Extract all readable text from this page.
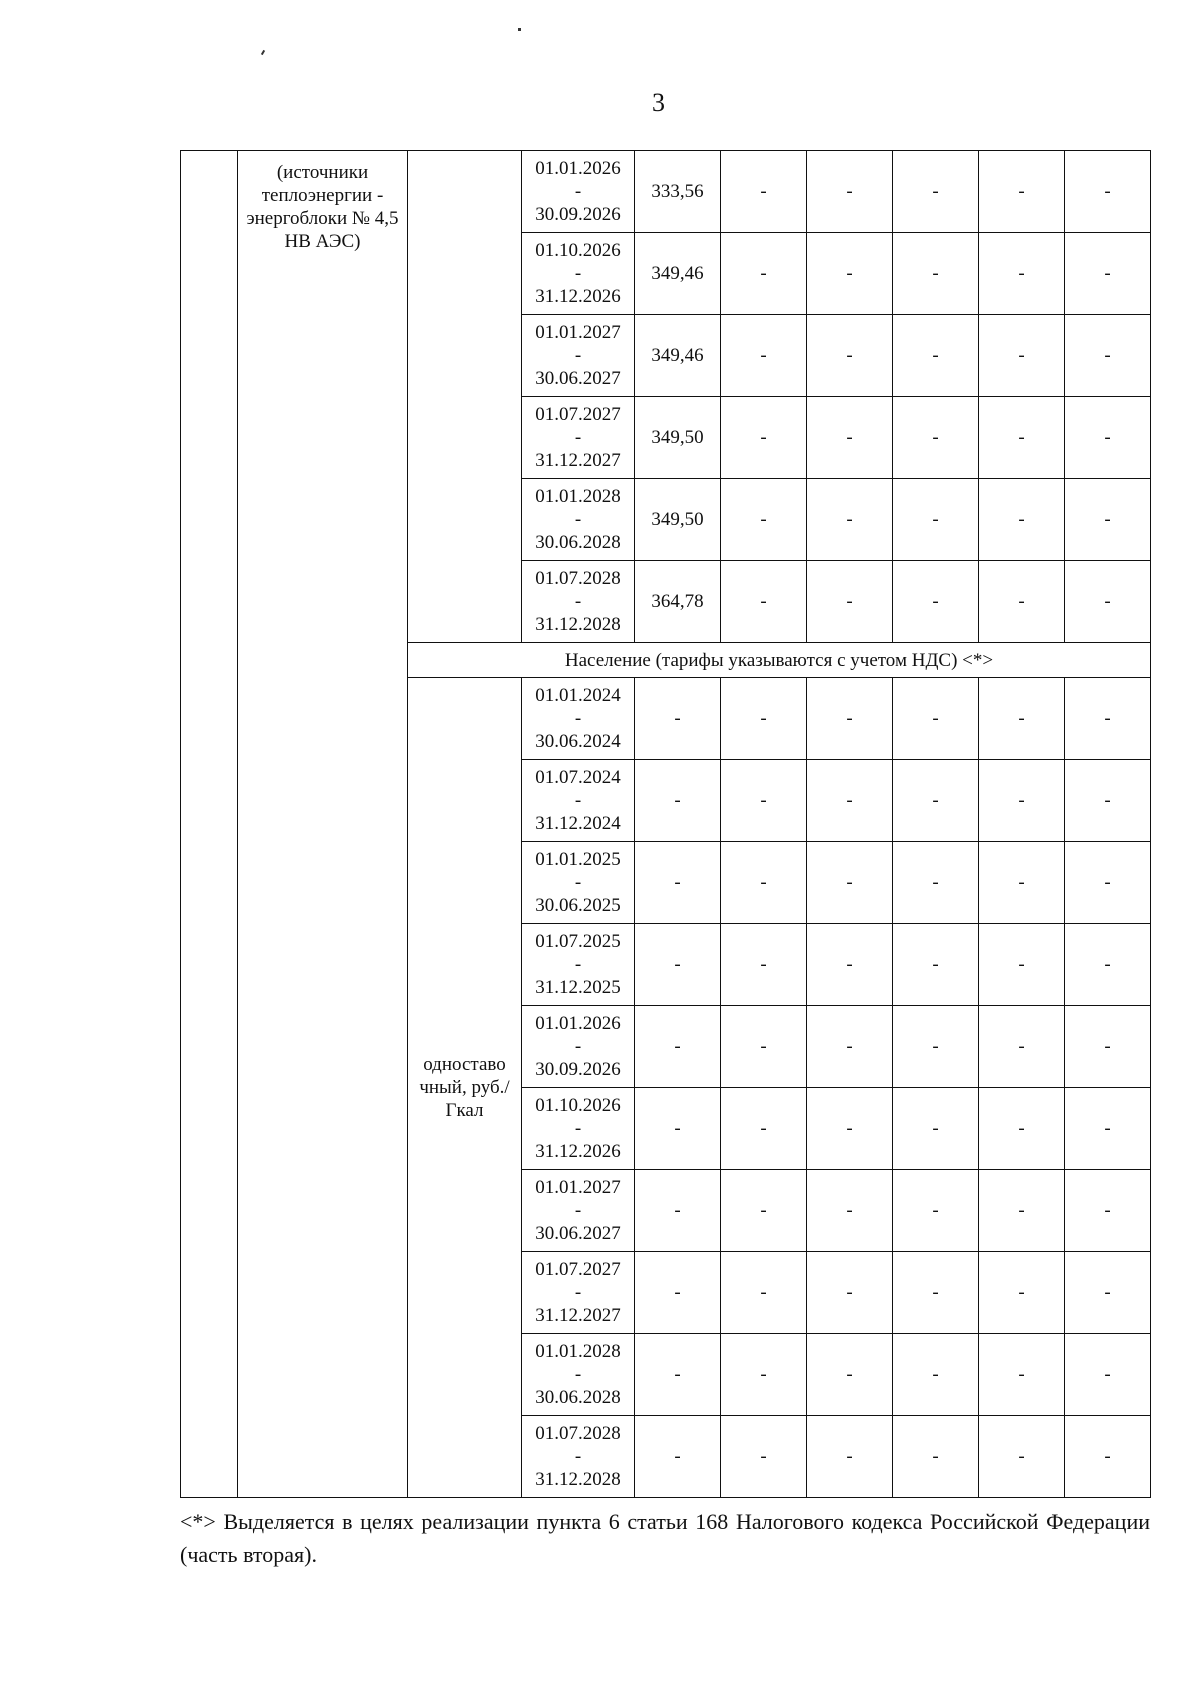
3
	(источники теплоэнергии - энергоблоки № 4,5 НВ АЭС)		01.01.2026
-
30.09.2026	333,56	-	-	-	-	-

			01.10.2026
-
31.12.2026	349,46	-	-	-	-	-

			01.01.2027
-
30.06.2027	349,46	-	-	-	-	-

			01.07.2027
-
31.12.2027	349,50	-	-	-	-	-

			01.01.2028
-
30.06.2028	349,50	-	-	-	-	-

			01.07.2028
-
31.12.2028	364,78	-	-	-	-	-
		Население (тарифы указываются с учетом НДС) <*>							
		одноставо чный, руб./Гкал	01.01.2024
-
30.06.2024	-	-	-	-	-	-

			01.07.2024
-
31.12.2024	-	-	-	-	-	-

			01.01.2025
-
30.06.2025	-	-	-	-	-	-

			01.07.2025
-
31.12.2025	-	-	-	-	-	-

			01.01.2026
-
30.09.2026	-	-	-	-	-	-

			01.10.2026
-
31.12.2026	-	-	-	-	-	-

			01.01.2027
-
30.06.2027	-	-	-	-	-	-

			01.07.2027
-
31.12.2027	-	-	-	-	-	-

			01.01.2028
-
30.06.2028	-	-	-	-	-	-

			01.07.2028
-
31.12.2028	-	-	-	-	-	-
<*> Выделяется в целях реализации пункта 6 статьи 168 Налогового кодекса Российской Федерации (часть вторая).
